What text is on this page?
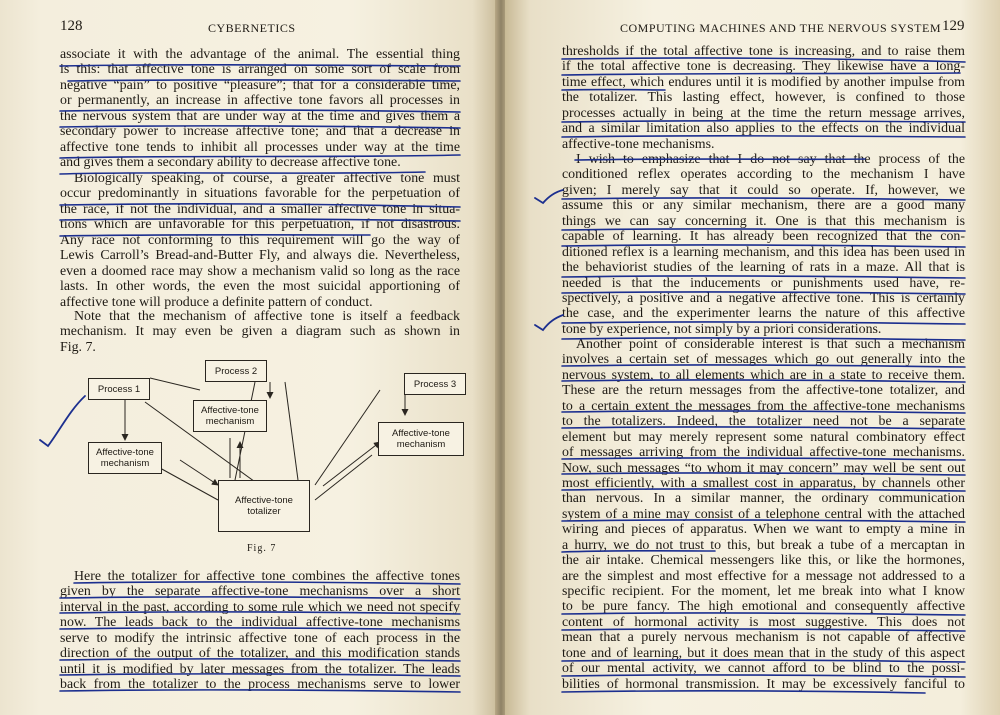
128	CYBERNETICS
associate it with the advantage of the animal. The essential thing
is this: that affective tone is arranged on some sort of scale from
negative “pain” to positive “pleasure”; that for a considerable time,
or permanently, an increase in affective tone favors all processes in
the nervous system that are under way at the time and gives them a
secondary power to increase affective tone; and that a decrease in
affective tone tends to inhibit all processes under way at the time
and gives them a secondary ability to decrease affective tone.
Biologically speaking, of course, a greater affective tone must
occur predominantly in situations favorable for the perpetuation of
the race, if not the individual, and a smaller affective tone in situa-
tions which are unfavorable for this perpetuation, if not disastrous.
Any race not conforming to this requirement will go the way of
Lewis Carroll’s Bread-and-Butter Fly, and always die. Nevertheless,
even a doomed race may show a mechanism valid so long as the race
lasts. In other words, the even the most suicidal apportioning of
affective tone will produce a definite pattern of conduct.
Note that the mechanism of affective tone is itself a feedback
mechanism. It may even be given a diagram such as shown in
Fig. 7.
Process 1
Process 2
Process 3
Affective-tone mechanism
Affective-tone mechanism
Affective-tone mechanism
Affective-tone totalizer
Fig. 7
Here the totalizer for affective tone combines the affective tones
given by the separate affective-tone mechanisms over a short
interval in the past, according to some rule which we need not specify
now. The leads back to the individual affective-tone mechanisms
serve to modify the intrinsic affective tone of each process in the
direction of the output of the totalizer, and this modification stands
until it is modified by later messages from the totalizer. The leads
back from the totalizer to the process mechanisms serve to lower
COMPUTING MACHINES AND THE NERVOUS SYSTEM 129
thresholds if the total affective tone is increasing, and to raise them
if the total affective tone is decreasing. They likewise have a long-
time effect, which endures until it is modified by another impulse from
the totalizer. This lasting effect, however, is confined to those
processes actually in being at the time the return message arrives,
and a similar limitation also applies to the effects on the individual
affective-tone mechanisms.
I wish to emphasize that I do not say that the process of the
conditioned reflex operates according to the mechanism I have
given; I merely say that it could so operate. If, however, we
assume this or any similar mechanism, there are a good many
things we can say concerning it. One is that this mechanism is
capable of learning. It has already been recognized that the con-
ditioned reflex is a learning mechanism, and this idea has been used in
the behaviorist studies of the learning of rats in a maze. All that is
needed is that the inducements or punishments used have, re-
spectively, a positive and a negative affective tone. This is certainly
the case, and the experimenter learns the nature of this affective
tone by experience, not simply by a priori considerations.
Another point of considerable interest is that such a mechanism
involves a certain set of messages which go out generally into the
nervous system, to all elements which are in a state to receive them.
These are the return messages from the affective-tone totalizer, and
to a certain extent the messages from the affective-tone mechanisms
to the totalizers. Indeed, the totalizer need not be a separate
element but may merely represent some natural combinatory effect
of messages arriving from the individual affective-tone mechanisms.
Now, such messages “to whom it may concern” may well be sent out
most efficiently, with a smallest cost in apparatus, by channels other
than nervous. In a similar manner, the ordinary communication
system of a mine may consist of a telephone central with the attached
wiring and pieces of apparatus. When we want to empty a mine in
a hurry, we do not trust to this, but break a tube of a mercaptan in
the air intake. Chemical messengers like this, or like the hormones,
are the simplest and most effective for a message not addressed to a
specific recipient. For the moment, let me break into what I know
to be pure fancy. The high emotional and consequently affective
content of hormonal activity is most suggestive. This does not
mean that a purely nervous mechanism is not capable of affective
tone and of learning, but it does mean that in the study of this aspect
of our mental activity, we cannot afford to be blind to the possi-
bilities of hormonal transmission. It may be excessively fanciful to
